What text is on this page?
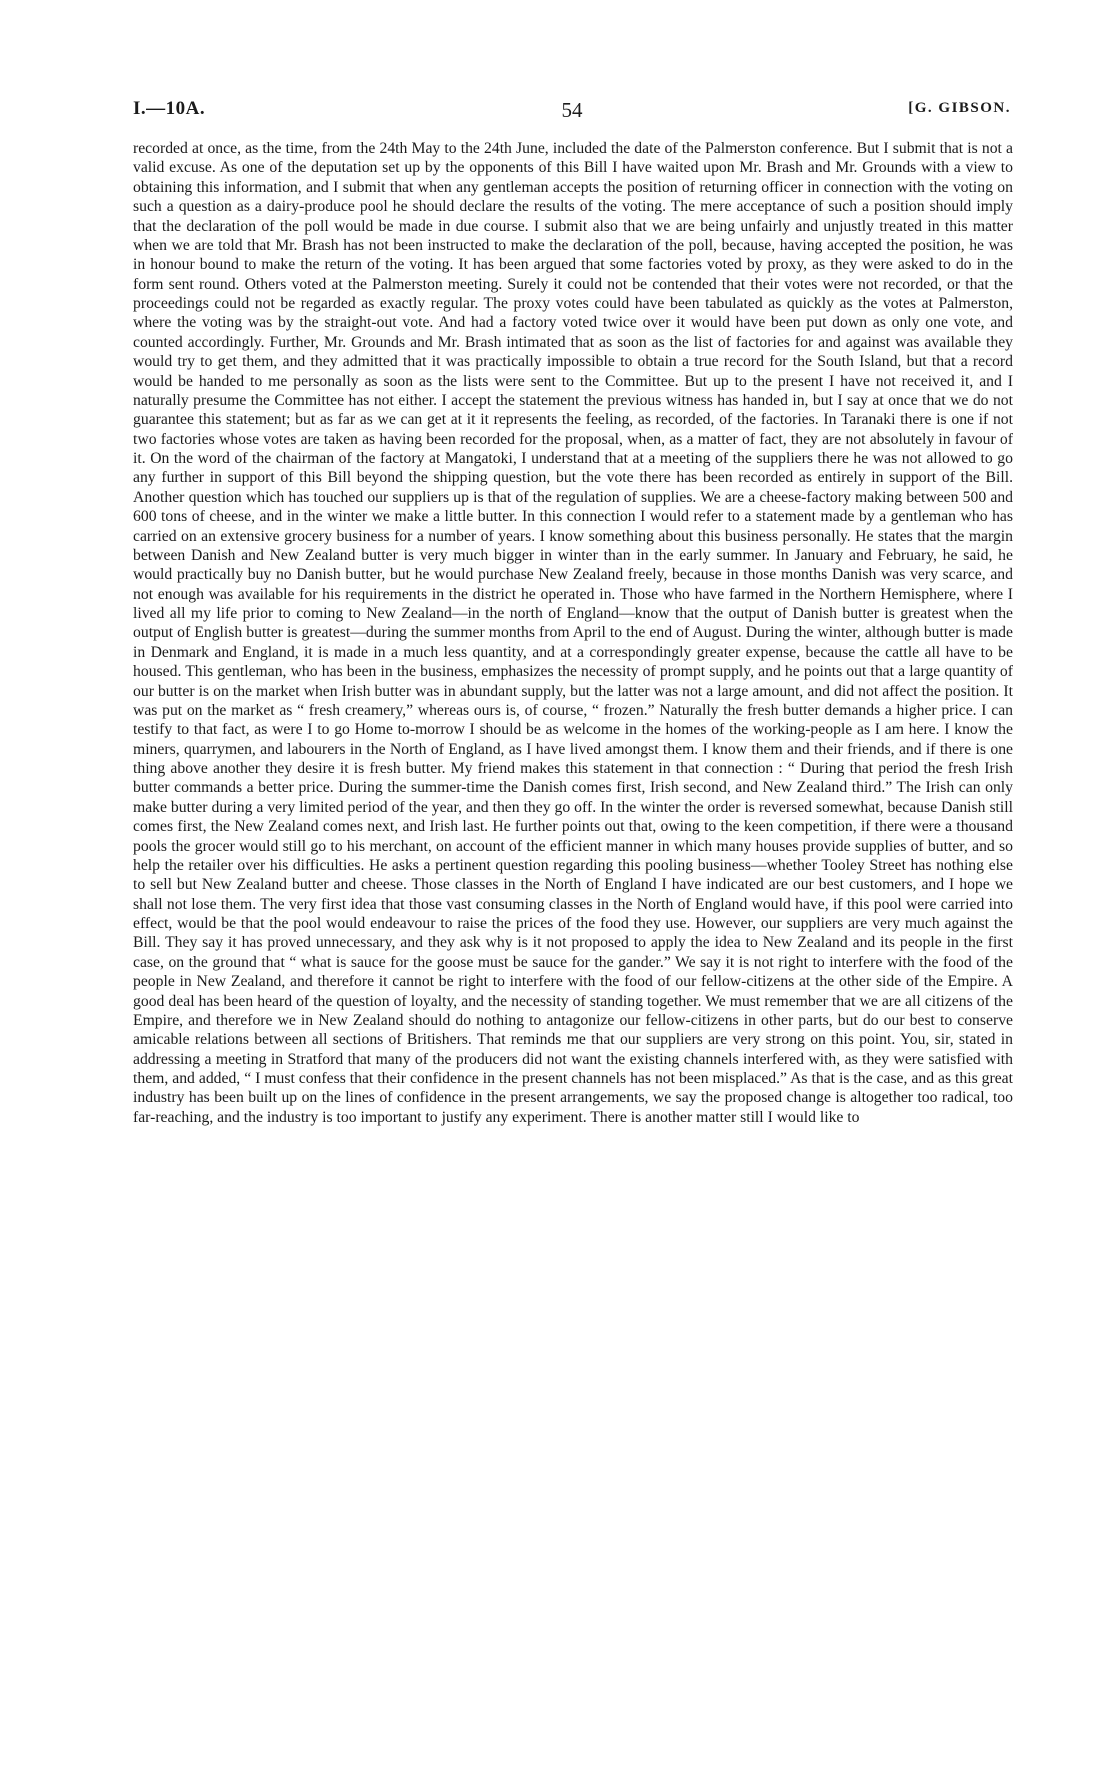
I.—10A.	54	[G. GIBSON.

recorded at once, as the time, from the 24th May to the 24th June, included the date of the Palmerston conference. But I submit that is not a valid excuse. As one of the deputation set up by the opponents of this Bill I have waited upon Mr. Brash and Mr. Grounds with a view to obtaining this information, and I submit that when any gentleman accepts the position of returning officer in connection with the voting on such a question as a dairy-produce pool he should declare the results of the voting. The mere acceptance of such a position should imply that the declaration of the poll would be made in due course. I submit also that we are being unfairly and unjustly treated in this matter when we are told that Mr. Brash has not been instructed to make the declaration of the poll, because, having accepted the position, he was in honour bound to make the return of the voting. It has been argued that some factories voted by proxy, as they were asked to do in the form sent round. Others voted at the Palmerston meeting. Surely it could not be contended that their votes were not recorded, or that the proceedings could not be regarded as exactly regular. The proxy votes could have been tabulated as quickly as the votes at Palmerston, where the voting was by the straight-out vote. And had a factory voted twice over it would have been put down as only one vote, and counted accordingly. Further, Mr. Grounds and Mr. Brash intimated that as soon as the list of factories for and against was available they would try to get them, and they admitted that it was practically impossible to obtain a true record for the South Island, but that a record would be handed to me personally as soon as the lists were sent to the Committee. But up to the present I have not received it, and I naturally presume the Committee has not either. I accept the statement the previous witness has handed in, but I say at once that we do not guarantee this statement; but as far as we can get at it it represents the feeling, as recorded, of the factories. In Taranaki there is one if not two factories whose votes are taken as having been recorded for the proposal, when, as a matter of fact, they are not absolutely in favour of it. On the word of the chairman of the factory at Mangatoki, I understand that at a meeting of the suppliers there he was not allowed to go any further in support of this Bill beyond the shipping question, but the vote there has been recorded as entirely in support of the Bill. Another question which has touched our suppliers up is that of the regulation of supplies. We are a cheese-factory making between 500 and 600 tons of cheese, and in the winter we make a little butter. In this connection I would refer to a statement made by a gentleman who has carried on an extensive grocery business for a number of years. I know something about this business personally. He states that the margin between Danish and New Zealand butter is very much bigger in winter than in the early summer. In January and February, he said, he would practically buy no Danish butter, but he would purchase New Zealand freely, because in those months Danish was very scarce, and not enough was available for his requirements in the district he operated in. Those who have farmed in the Northern Hemisphere, where I lived all my life prior to coming to New Zealand—in the north of England—know that the output of Danish butter is greatest when the output of English butter is greatest—during the summer months from April to the end of August. During the winter, although butter is made in Denmark and England, it is made in a much less quantity, and at a correspondingly greater expense, because the cattle all have to be housed. This gentleman, who has been in the business, emphasizes the necessity of prompt supply, and he points out that a large quantity of our butter is on the market when Irish butter was in abundant supply, but the latter was not a large amount, and did not affect the position. It was put on the market as “ fresh creamery,” whereas ours is, of course, “ frozen.” Naturally the fresh butter demands a higher price. I can testify to that fact, as were I to go Home to-morrow I should be as welcome in the homes of the working-people as I am here. I know the miners, quarrymen, and labourers in the North of England, as I have lived amongst them. I know them and their friends, and if there is one thing above another they desire it is fresh butter. My friend makes this statement in that connection : “ During that period the fresh Irish butter commands a better price. During the summer-time the Danish comes first, Irish second, and New Zealand third.” The Irish can only make butter during a very limited period of the year, and then they go off. In the winter the order is reversed somewhat, because Danish still comes first, the New Zealand comes next, and Irish last. He further points out that, owing to the keen competition, if there were a thousand pools the grocer would still go to his merchant, on account of the efficient manner in which many houses provide supplies of butter, and so help the retailer over his difficulties. He asks a pertinent question regarding this pooling business—whether Tooley Street has nothing else to sell but New Zealand butter and cheese. Those classes in the North of England I have indicated are our best customers, and I hope we shall not lose them. The very first idea that those vast consuming classes in the North of England would have, if this pool were carried into effect, would be that the pool would endeavour to raise the prices of the food they use. However, our suppliers are very much against the Bill. They say it has proved unnecessary, and they ask why is it not proposed to apply the idea to New Zealand and its people in the first case, on the ground that “ what is sauce for the goose must be sauce for the gander.” We say it is not right to interfere with the food of the people in New Zealand, and therefore it cannot be right to interfere with the food of our fellow-citizens at the other side of the Empire. A good deal has been heard of the question of loyalty, and the necessity of standing together. We must remember that we are all citizens of the Empire, and therefore we in New Zealand should do nothing to antagonize our fellow-citizens in other parts, but do our best to conserve amicable relations between all sections of Britishers. That reminds me that our suppliers are very strong on this point. You, sir, stated in addressing a meeting in Stratford that many of the producers did not want the existing channels interfered with, as they were satisfied with them, and added, “ I must confess that their confidence in the present channels has not been misplaced.” As that is the case, and as this great industry has been built up on the lines of confidence in the present arrangements, we say the proposed change is altogether too radical, too far-reaching, and the industry is too important to justify any experiment. There is another matter still I would like to
